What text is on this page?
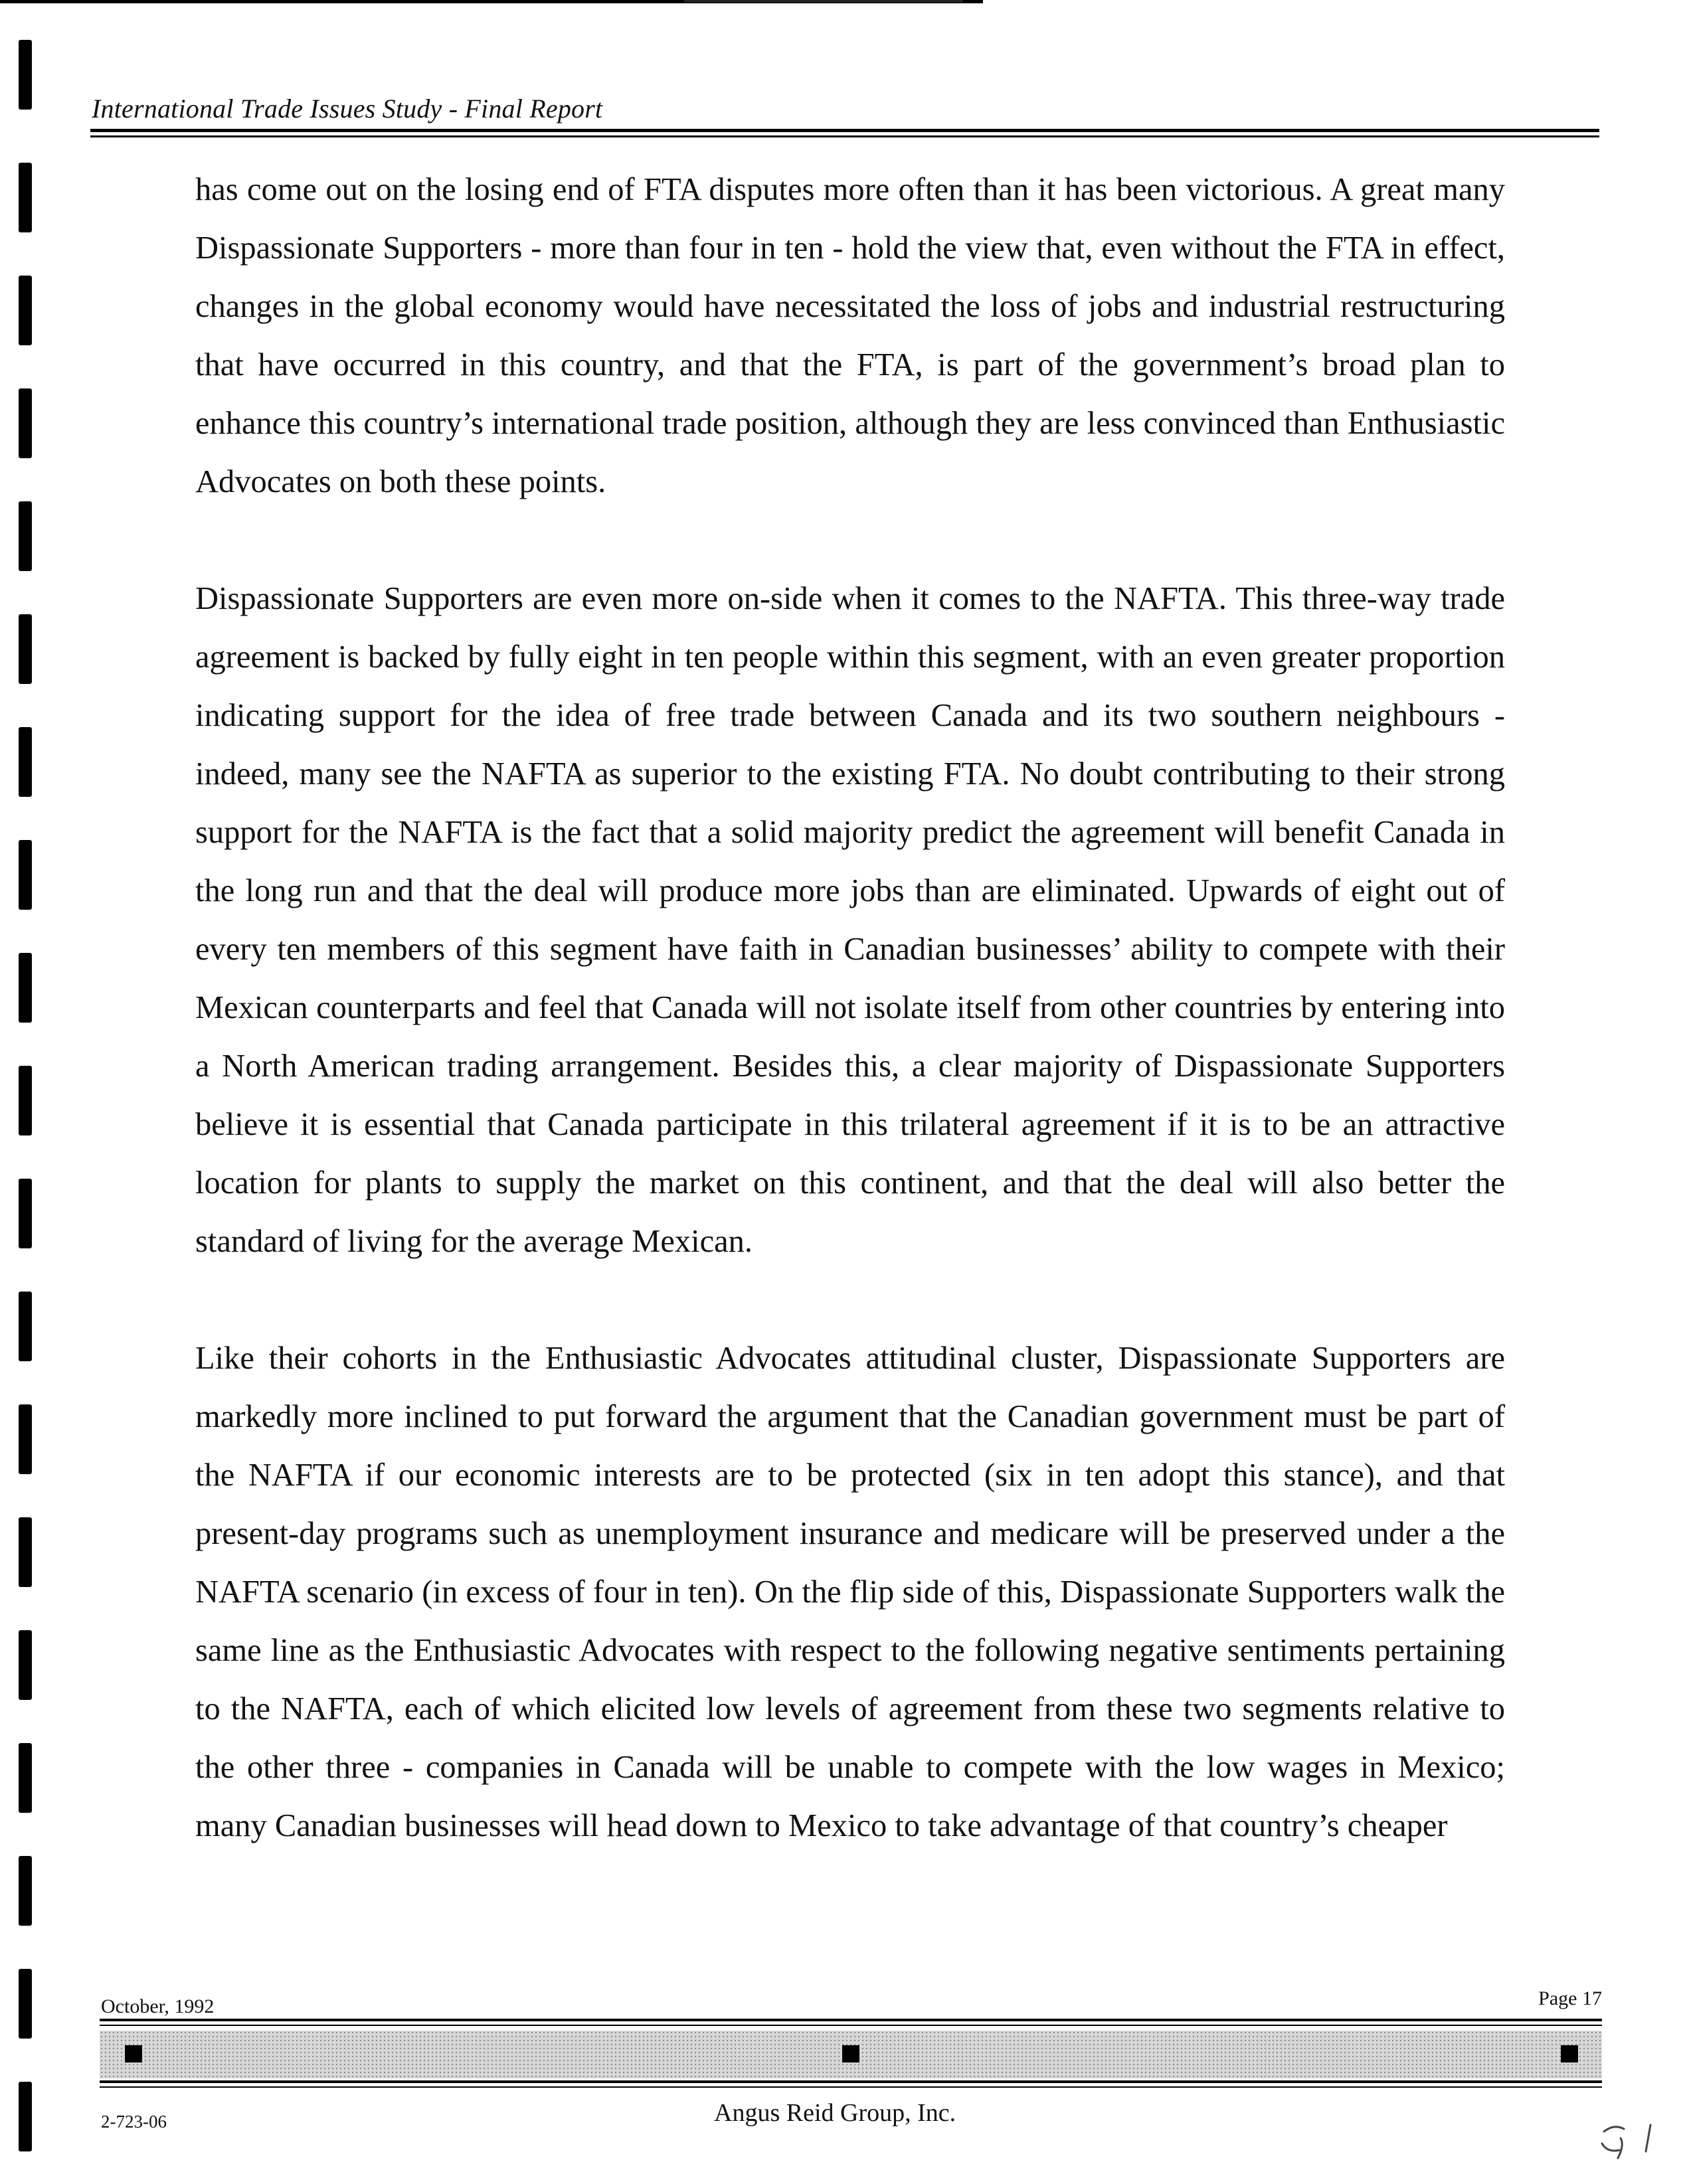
International Trade Issues Study - Final Report

has come out on the losing end of FTA disputes more often than it has been victorious. A great many Dispassionate Supporters - more than four in ten - hold the view that, even without the FTA in effect, changes in the global economy would have necessitated the loss of jobs and industrial restructuring that have occurred in this country, and that the FTA, is part of the government’s broad plan to enhance this country’s international trade position, although they are less convinced than Enthusiastic Advocates on both these points.

Dispassionate Supporters are even more on-side when it comes to the NAFTA. This three-way trade agreement is backed by fully eight in ten people within this segment, with an even greater proportion indicating support for the idea of free trade between Canada and its two southern neighbours - indeed, many see the NAFTA as superior to the existing FTA. No doubt contributing to their strong support for the NAFTA is the fact that a solid majority predict the agreement will benefit Canada in the long run and that the deal will produce more jobs than are eliminated. Upwards of eight out of every ten members of this segment have faith in Canadian businesses’ ability to compete with their Mexican counterparts and feel that Canada will not isolate itself from other countries by entering into a North American trading arrangement. Besides this, a clear majority of Dispassionate Supporters believe it is essential that Canada participate in this trilateral agreement if it is to be an attractive location for plants to supply the market on this continent, and that the deal will also better the standard of living for the average Mexican.

Like their cohorts in the Enthusiastic Advocates attitudinal cluster, Dispassionate Supporters are markedly more inclined to put forward the argument that the Canadian government must be part of the NAFTA if our economic interests are to be protected (six in ten adopt this stance), and that present-day programs such as unemployment insurance and medicare will be preserved under a the NAFTA scenario (in excess of four in ten). On the flip side of this, Dispassionate Supporters walk the same line as the Enthusiastic Advocates with respect to the following negative sentiments pertaining to the NAFTA, each of which elicited low levels of agreement from these two segments relative to the other three - companies in Canada will be unable to compete with the low wages in Mexico; many Canadian businesses will head down to Mexico to take advantage of that country’s cheaper

October, 1992	Page 17
2-723-06	Angus Reid Group, Inc.
